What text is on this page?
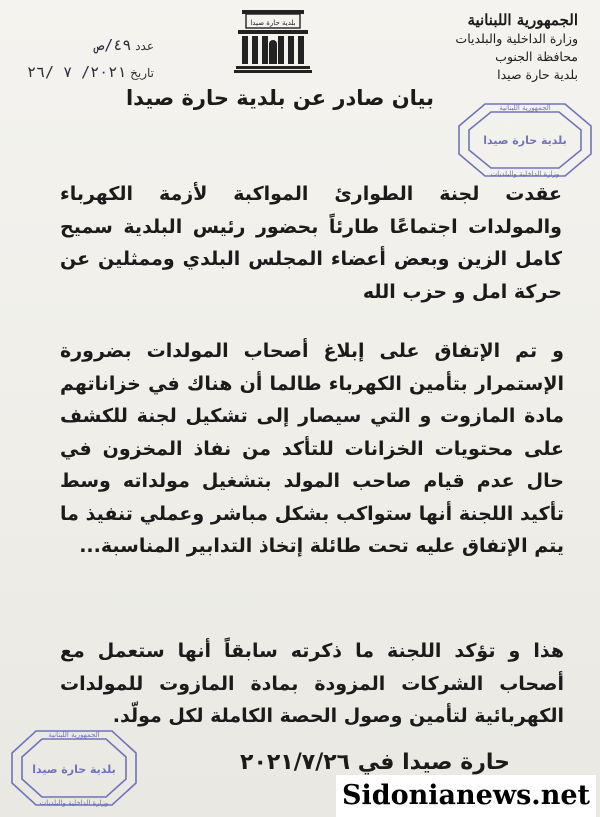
الجمهورية اللبنانية
وزارة الداخلية والبلديات
محافظة الجنوب
بلدية حارة صيدا
بلدية حارة صيدا
عدد ٤٩/ص
تاريخ ٢٠٢١/ ٧ /٢٦
بيان صادر عن بلدية حارة صيدا	الجمهورية اللبنانية
بلدية حارة صيدا
وزارة الداخلية والبلديات
عقدت لجنة الطوارئ المواكبة لأزمة الكهرباء والمولدات اجتماعًا طارئاً بحضور رئيس البلدية سميح كامل الزين وبعض أعضاء المجلس البلدي وممثلين عن حركة امل و حزب الله
و تم الإتفاق على إبلاغ أصحاب المولدات بضرورة الإستمرار بتأمين الكهرباء طالما أن هناك في خزاناتهم مادة المازوت و التي سيصار إلى تشكيل لجنة للكشف على محتويات الخزانات للتأكد من نفاذ المخزون في حال عدم قيام صاحب المولد بتشغيل مولداته وسط تأكيد اللجنة أنها ستواكب بشكل مباشر وعملي تنفيذ ما يتم الإتفاق عليه تحت طائلة إتخاذ التدابير المناسبة...
هذا و تؤكد اللجنة ما ذكرته سابقاً أنها ستعمل مع أصحاب الشركات المزودة بمادة المازوت للمولدات الكهربائية لتأمين وصول الحصة الكاملة لكل مولّد.
حارة صيدا في ٢٠٢١/٧/٢٦
الجمهورية اللبنانية
بلدية حارة صيدا
وزارة الداخلية والبلديات	Sidonianews.net
